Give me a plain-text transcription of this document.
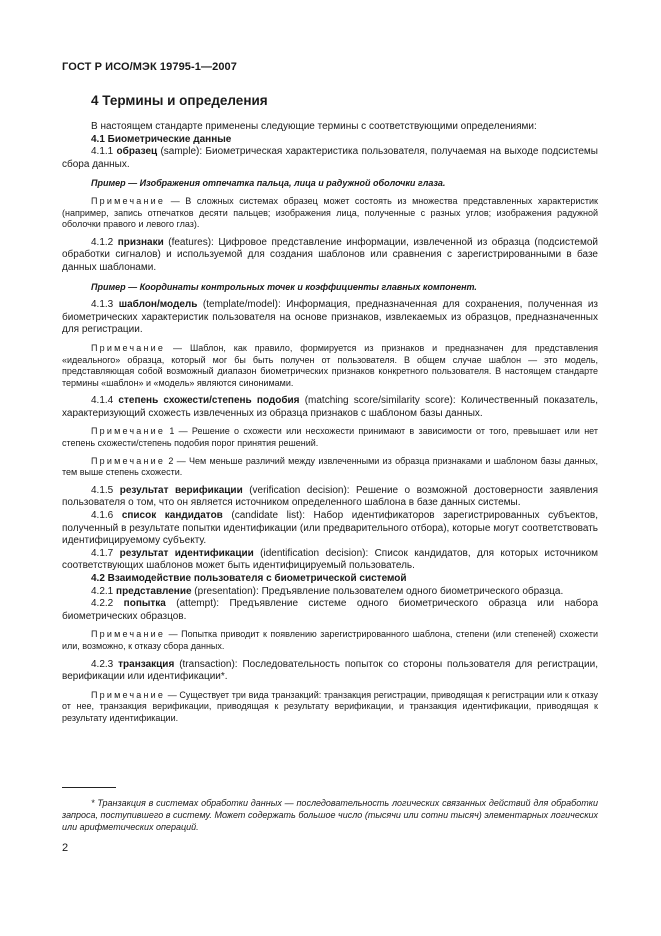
ГОСТ Р ИСО/МЭК 19795-1—2007
4 Термины и определения

В настоящем стандарте применены следующие термины с соответствующими определениями:

4.1 Биометрические данные

4.1.1 образец (sample): Биометрическая характеристика пользователя, получаемая на выходе подсистемы сбора данных.

Пример — Изображения отпечатка пальца, лица и радужной оболочки глаза.

Примечание — В сложных системах образец может состоять из множества представленных характеристик (например, запись отпечатков десяти пальцев; изображения лица, полученные с разных углов; изображения радужной оболочки правого и левого глаз).

4.1.2 признаки (features): Цифровое представление информации, извлеченной из образца (подсистемой обработки сигналов) и используемой для создания шаблонов или сравнения с зарегистрированными в базе данных шаблонами.

Пример — Координаты контрольных точек и коэффициенты главных компонент.

4.1.3 шаблон/модель (template/model): Информация, предназначенная для сохранения, полученная из биометрических характеристик пользователя на основе признаков, извлекаемых из образцов, предназначенных для регистрации.

Примечание — Шаблон, как правило, формируется из признаков и предназначен для представления «идеального» образца, который мог бы быть получен от пользователя. В общем случае шаблон — это модель, представляющая собой возможный диапазон биометрических признаков конкретного пользователя. В настоящем стандарте термины «шаблон» и «модель» являются синонимами.

4.1.4 степень схожести/степень подобия (matching score/similarity score): Количественный показатель, характеризующий схожесть извлеченных из образца признаков с шаблоном базы данных.

Примечание 1 — Решение о схожести или несхожести принимают в зависимости от того, превышает или нет степень схожести/степень подобия порог принятия решений.

Примечание 2 — Чем меньше различий между извлеченными из образца признаками и шаблоном базы данных, тем выше степень схожести.

4.1.5 результат верификации (verification decision): Решение о возможной достоверности заявления пользователя о том, что он является источником определенного шаблона в базе данных системы.

4.1.6 список кандидатов (candidate list): Набор идентификаторов зарегистрированных субъектов, полученный в результате попытки идентификации (или предварительного отбора), которые могут соответствовать идентифицируемому субъекту.

4.1.7 результат идентификации (identification decision): Список кандидатов, для которых источником соответствующих шаблонов может быть идентифицируемый пользователь.

4.2 Взаимодействие пользователя с биометрической системой

4.2.1 представление (presentation): Предъявление пользователем одного биометрического образца.

4.2.2 попытка (attempt): Предъявление системе одного биометрического образца или набора биометрических образцов.

Примечание — Попытка приводит к появлению зарегистрированного шаблона, степени (или степеней) схожести или, возможно, к отказу сбора данных.

4.2.3 транзакция (transaction): Последовательность попыток со стороны пользователя для регистрации, верификации или идентификации*.

Примечание — Существует три вида транзакций: транзакция регистрации, приводящая к регистрации или к отказу от нее, транзакция верификации, приводящая к результату верификации, и транзакция идентификации, приводящая к результату идентификации.

* Транзакция в системах обработки данных — последовательность логических связанных действий для обработки запроса, поступившего в систему. Может содержать большое число (тысячи или сотни тысяч) элементарных логических или арифметических операций.
2
